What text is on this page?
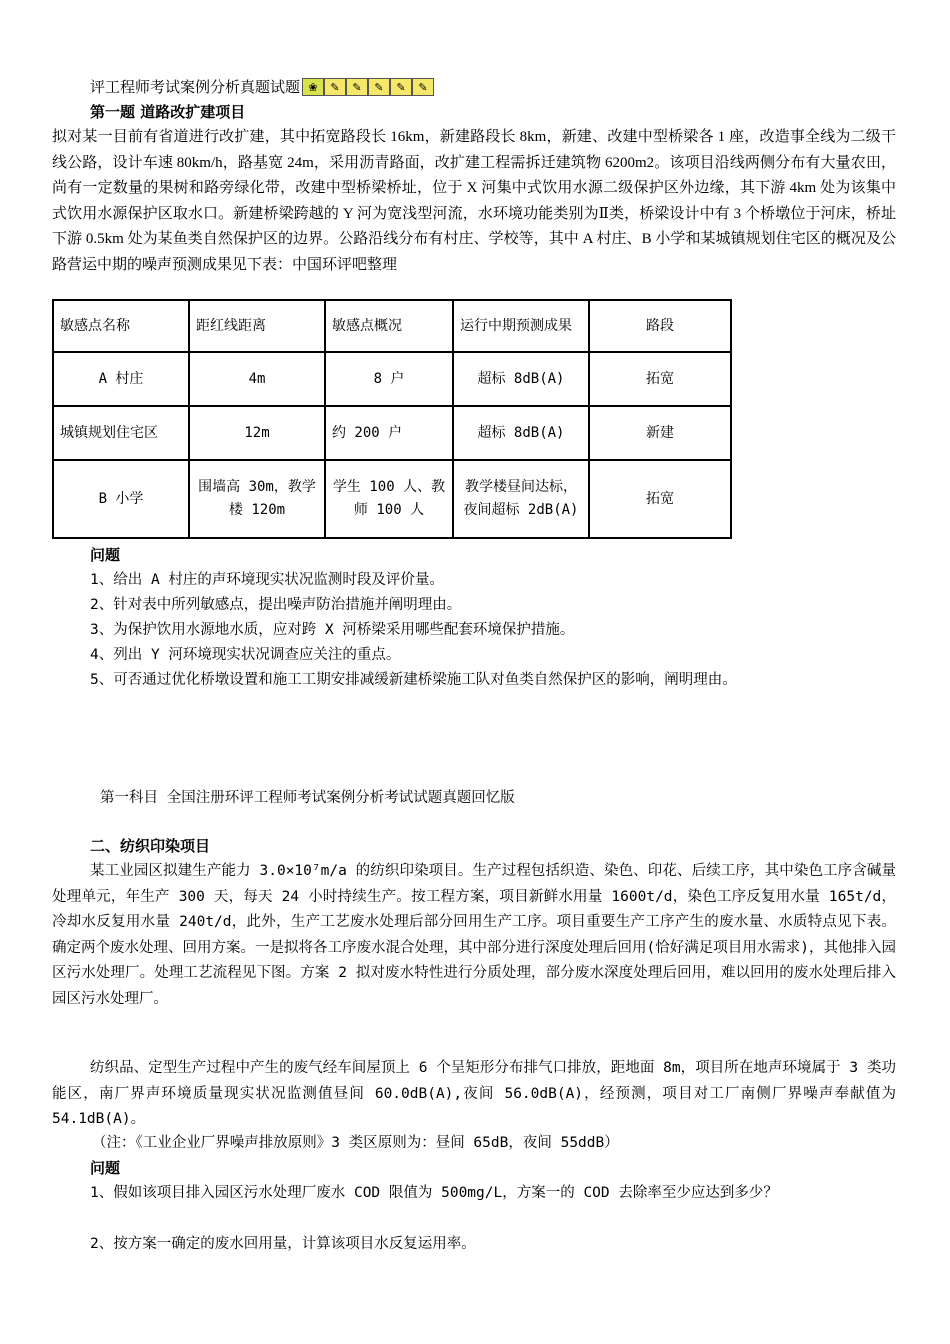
评工程师考试案例分析真题试题 ❀	✎	✎	✎	✎	✎

第一题 道路改扩建项目

拟对某一目前有省道进行改扩建，其中拓宽路段长 16km，新建路段长 8km，新建、改建中型桥梁各 1 座，改造事全线为二级干线公路，设计车速 80km/h，路基宽 24m，采用沥青路面，改扩建工程需拆迁建筑物 6200m2。该项目沿线两侧分布有大量农田，尚有一定数量的果树和路旁绿化带，改建中型桥梁桥址，位于 X 河集中式饮用水源二级保护区外边缘，其下游 4km 处为该集中式饮用水源保护区取水口。新建桥梁跨越的 Y 河为宽浅型河流，水环境功能类别为Ⅱ类，桥梁设计中有 3 个桥墩位于河床，桥址下游 0.5km 处为某鱼类自然保护区的边界。公路沿线分布有村庄、学校等，其中 A 村庄、B 小学和某城镇规划住宅区的概况及公路营运中期的噪声预测成果见下表：中国环评吧整理

敏感点名称	距红线距离	敏感点概况	运行中期预测成果	路段
A 村庄	4m	8 户	超标 8dB(A)	拓宽
城镇规划住宅区	12m	约 200 户	超标 8dB(A)	新建
B 小学	围墙高 30m，教学楼 120m	学生 100 人、教师 100 人	教学楼昼间达标，夜间超标 2dB(A)	拓宽

问题

1、给出 A 村庄的声环境现实状况监测时段及评价量。

2、针对表中所列敏感点，提出噪声防治措施并阐明理由。

3、为保护饮用水源地水质，应对跨 X 河桥梁采用哪些配套环境保护措施。

4、列出 Y 河环境现实状况调查应关注的重点。

5、可否通过优化桥墩设置和施工工期安排减缓新建桥梁施工队对鱼类自然保护区的影响，阐明理由。

第一科目 全国注册环评工程师考试案例分析考试试题真题回忆版

二、纺织印染项目

某工业园区拟建生产能力 3.0×10⁷m/a 的纺织印染项目。生产过程包括织造、染色、印花、后续工序，其中染色工序含碱量处理单元，年生产 300 天，每天 24 小时持续生产。按工程方案，项目新鲜水用量 1600t/d，染色工序反复用水量 165t/d，冷却水反复用水量 240t/d，此外，生产工艺废水处理后部分回用生产工序。项目重要生产工序产生的废水量、水质特点见下表。确定两个废水处理、回用方案。一是拟将各工序废水混合处理，其中部分进行深度处理后回用(恰好满足项目用水需求)，其他排入园区污水处理厂。处理工艺流程见下图。方案 2 拟对废水特性进行分质处理，部分废水深度处理后回用，难以回用的废水处理后排入园区污水处理厂。

纺织品、定型生产过程中产生的废气经车间屋顶上 6 个呈矩形分布排气口排放，距地面 8m，项目所在地声环境属于 3 类功能区，南厂界声环境质量现实状况监测值昼间 60.0dB(A),夜间 56.0dB(A)，经预测，项目对工厂南侧厂界噪声奉献值为 54.1dB(A)。

（注：《工业企业厂界噪声排放原则》3 类区原则为：昼间 65dB，夜间 55ddB）

问题

1、假如该项目排入园区污水处理厂废水 COD 限值为 500mg/L，方案一的 COD 去除率至少应达到多少？

2、按方案一确定的废水回用量，计算该项目水反复运用率。
